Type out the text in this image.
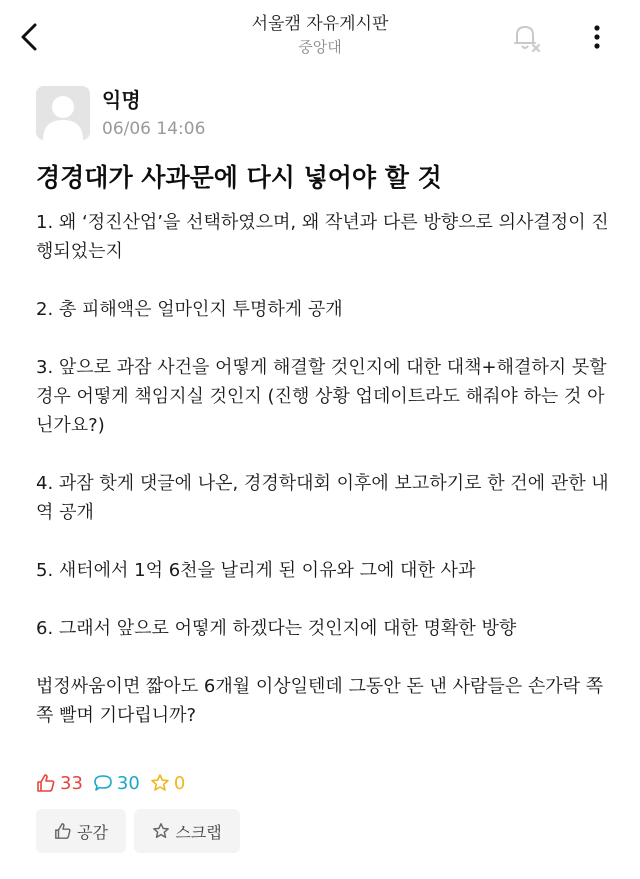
서울캠 자유게시판
중앙대
익명
06/06 14:06
경경대가 사과문에 다시 넣어야 할 것

1. 왜 ‘정진산업’을 선택하였으며, 왜 작년과 다른 방향으로 의사결정이 진행되었는지

2. 총 피해액은 얼마인지 투명하게 공개

3. 앞으로 과잠 사건을 어떻게 해결할 것인지에 대한 대책+해결하지 못할 경우 어떻게 책임지실 것인지 (진행 상황 업데이트라도 해줘야 하는 것 아닌가요?)

4. 과잠 핫게 댓글에 나온, 경경학대회 이후에 보고하기로 한 건에 관한 내역 공개

5. 새터에서 1억 6천을 날리게 된 이유와 그에 대한 사과

6. 그래서 앞으로 어떻게 하겠다는 것인지에 대한 명확한 방향

법정싸움이면 짧아도 6개월 이상일텐데 그동안 돈 낸 사람들은 손가락 쪽쪽 빨며 기다립니까?

33 30 0
공감	스크랩
